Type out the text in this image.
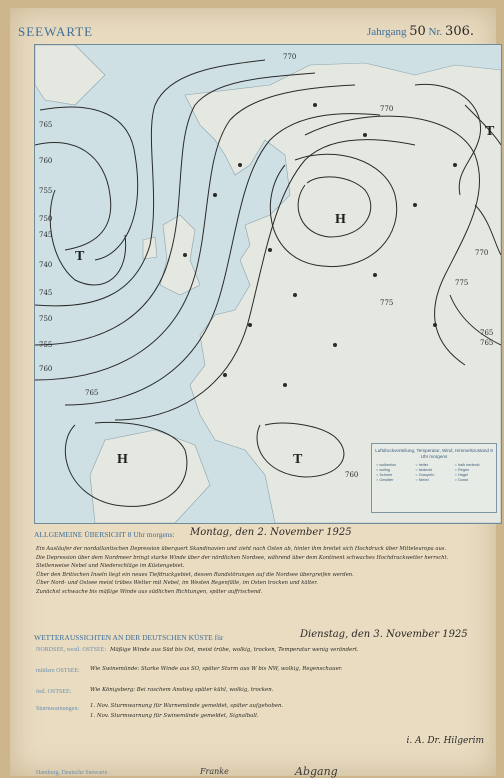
SEEWARTE	Jahrgang 50 Nr. 306.
765
760
755
750
745
740
745
750
755
760
765
770
770
775
775
770
765
760
765
T
H
T
H	T
Luftdruckverteilung, Temperatur, Wind, Himmelszustand 8 Uhr morgens
○ wolkenlos	○ heiter	○ halb bedeckt
○ wolkig	○ bedeckt	○ Regen
○ Schnee	○ Graupeln	○ Hagel
○ Gewitter	○ Nebel	○ Dunst
ALLGEMEINE ÜBERSICHT 8 Uhr morgens:	Montag, den 2. November 1925
Ein Ausläufer der nordatlantischen Depression überquert Skandinavien und zieht nach Osten ab, hinter ihm breitet sich Hochdruck über Mitteleuropa aus.
Die Depression über dem Nordmeer bringt starke Winde über der nördlichen Nordsee, während über dem Kontinent schwaches Hochdruckwetter herrscht.
Stellenweise Nebel und Niederschläge im Küstengebiet.
Über den Britischen Inseln liegt ein neues Tiefdruckgebiet, dessen Randstörungen auf die Nordsee übergreifen werden.
Über Nord- und Ostsee meist trübes Wetter mit Nebel, im Westen Regenfälle, im Osten trocken und kälter.
Zunächst schwache bis mäßige Winde aus südlichen Richtungen, später auffrischend.
WETTERAUSSICHTEN AN DER DEUTSCHEN KÜSTE für	Dienstag, den 3. November 1925
NORDSEE, westl. OSTSEE: Mäßige Winde aus Süd bis Ost, meist trübe, wolkig, trocken, Temperatur wenig verändert.
mittlere OSTSEE: Wie Swinemünde: Starke Winde aus SO, später Sturm aus W bis NW, wolkig, Regenschauer.
östl. OSTSEE:	Wie Königsberg: Bei raschem Anstieg später kühl, wolkig, trocken.
Sturmwarnungen: 1. Nov. Sturmwarnung für Warnemünde gemeldet, später aufgehoben.
1. Nov. Sturmwarnung für Swinemünde gemeldet, Signalball.
i. A. Dr. Hilgerim
Hamburg, Deutsche Seewarte	Franke	Abgang
